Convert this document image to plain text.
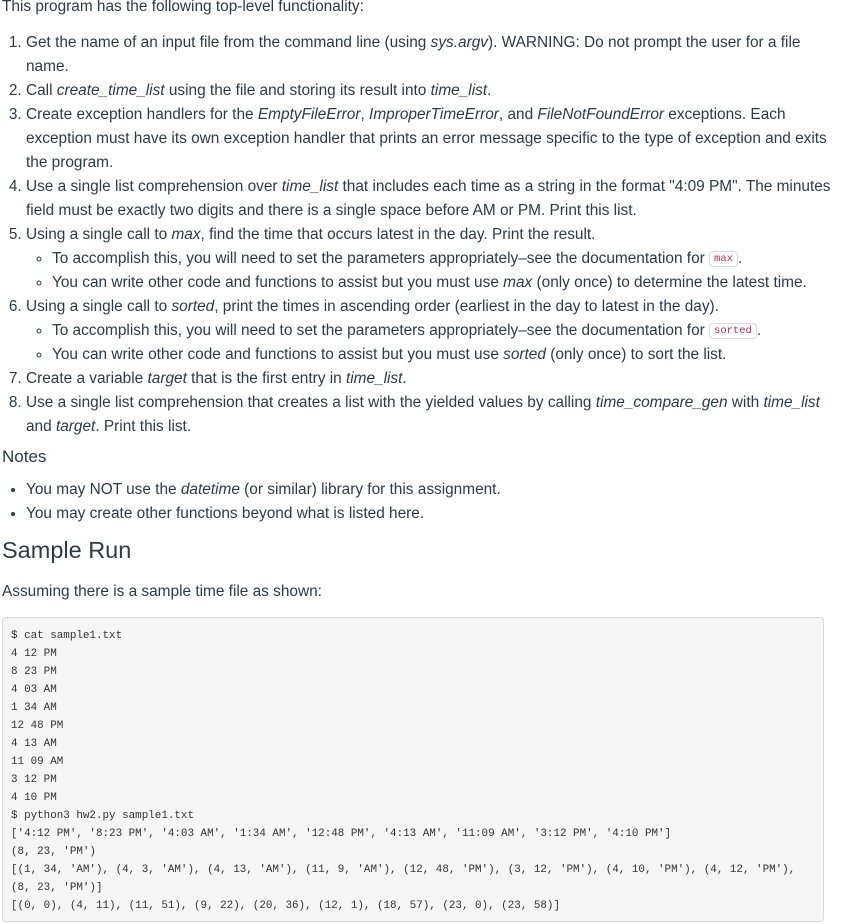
This program has the following top-level functionality:

1. Get the name of an input file from the command line (using sys.argv). WARNING: Do not prompt the user for a file name.
2. Call create_time_list using the file and storing its result into time_list.
3. Create exception handlers for the EmptyFileError, ImproperTimeError, and FileNotFoundError exceptions. Each exception must have its own exception handler that prints an error message specific to the type of exception and exits the program.
4. Use a single list comprehension over time_list that includes each time as a string in the format "4:09 PM". The minutes field must be exactly two digits and there is a single space before AM or PM. Print this list.
5. Using a single call to max, find the time that occurs latest in the day. Print the result.
◦ To accomplish this, you will need to set the parameters appropriately–see the documentation for max .
◦ You can write other code and functions to assist but you must use max (only once) to determine the latest time.
6. Using a single call to sorted, print the times in ascending order (earliest in the day to latest in the day).
◦ To accomplish this, you will need to set the parameters appropriately–see the documentation for sorted .
◦ You can write other code and functions to assist but you must use sorted (only once) to sort the list.
7. Create a variable target that is the first entry in time_list.
8. Use a single list comprehension that creates a list with the yielded values by calling time_compare_gen with time_list and target. Print this list.

Notes

• You may NOT use the datetime (or similar) library for this assignment.
• You may create other functions beyond what is listed here.
Sample Run

Assuming there is a sample time file as shown:

$ cat sample1.txt
4 12 PM
8 23 PM
4 03 AM
1 34 AM
12 48 PM
4 13 AM
11 09 AM
3 12 PM
4 10 PM
$ python3 hw2.py sample1.txt
['4:12 PM', '8:23 PM', '4:03 AM', '1:34 AM', '12:48 PM', '4:13 AM', '11:09 AM', '3:12 PM', '4:10 PM']
(8, 23, 'PM')
[(1, 34, 'AM'), (4, 3, 'AM'), (4, 13, 'AM'), (11, 9, 'AM'), (12, 48, 'PM'), (3, 12, 'PM'), (4, 10, 'PM'), (4, 12, 'PM'),
(8, 23, 'PM')]
[(0, 0), (4, 11), (11, 51), (9, 22), (20, 36), (12, 1), (18, 57), (23, 0), (23, 58)]
